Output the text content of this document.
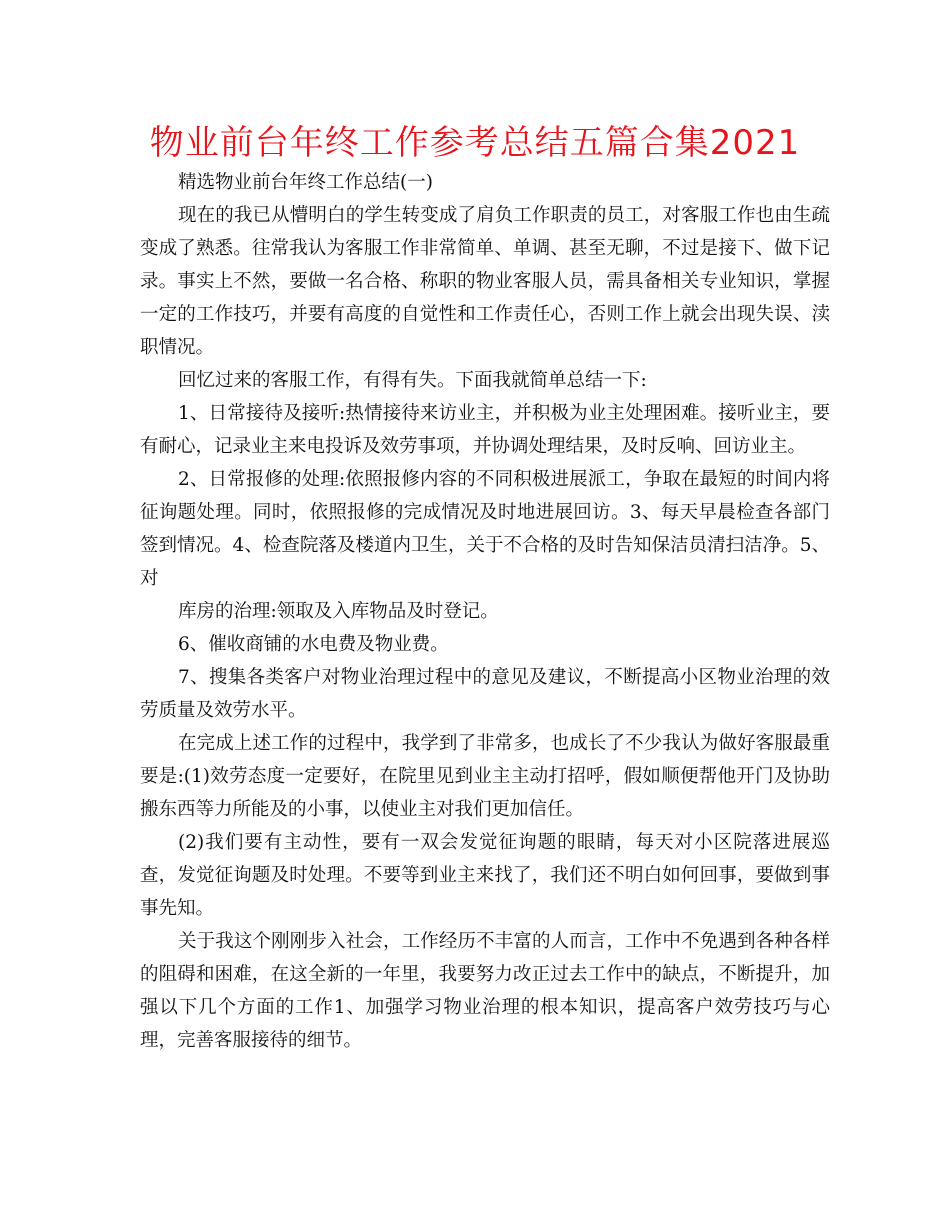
物业前台年终工作参考总结五篇合集2021

精选物业前台年终工作总结(一)

现在的我已从懵明白的学生转变成了肩负工作职责的员工，对客服工作也由生疏变成了熟悉。往常我认为客服工作非常简单、单调、甚至无聊，不过是接下、做下记录。事实上不然，要做一名合格、称职的物业客服人员，需具备相关专业知识，掌握一定的工作技巧，并要有高度的自觉性和工作责任心，否则工作上就会出现失误、渎职情况。

回忆过来的客服工作，有得有失。下面我就简单总结一下:

1、日常接待及接听:热情接待来访业主，并积极为业主处理困难。接听业主，要有耐心，记录业主来电投诉及效劳事项，并协调处理结果，及时反响、回访业主。

2、日常报修的处理:依照报修内容的不同积极进展派工，争取在最短的时间内将征询题处理。同时，依照报修的完成情况及时地进展回访。3、每天早晨检查各部门签到情况。4、检查院落及楼道内卫生，关于不合格的及时告知保洁员清扫洁净。5、对

库房的治理:领取及入库物品及时登记。

6、催收商铺的水电费及物业费。

7、搜集各类客户对物业治理过程中的意见及建议，不断提高小区物业治理的效劳质量及效劳水平。

在完成上述工作的过程中，我学到了非常多，也成长了不少我认为做好客服最重要是:(1)效劳态度一定要好，在院里见到业主主动打招呼，假如顺便帮他开门及协助搬东西等力所能及的小事，以使业主对我们更加信任。

(2)我们要有主动性，要有一双会发觉征询题的眼睛，每天对小区院落进展巡查，发觉征询题及时处理。不要等到业主来找了，我们还不明白如何回事，要做到事事先知。

关于我这个刚刚步入社会，工作经历不丰富的人而言，工作中不免遇到各种各样的阻碍和困难，在这全新的一年里，我要努力改正过去工作中的缺点，不断提升，加强以下几个方面的工作1、加强学习物业治理的根本知识，提高客户效劳技巧与心理，完善客服接待的细节。
